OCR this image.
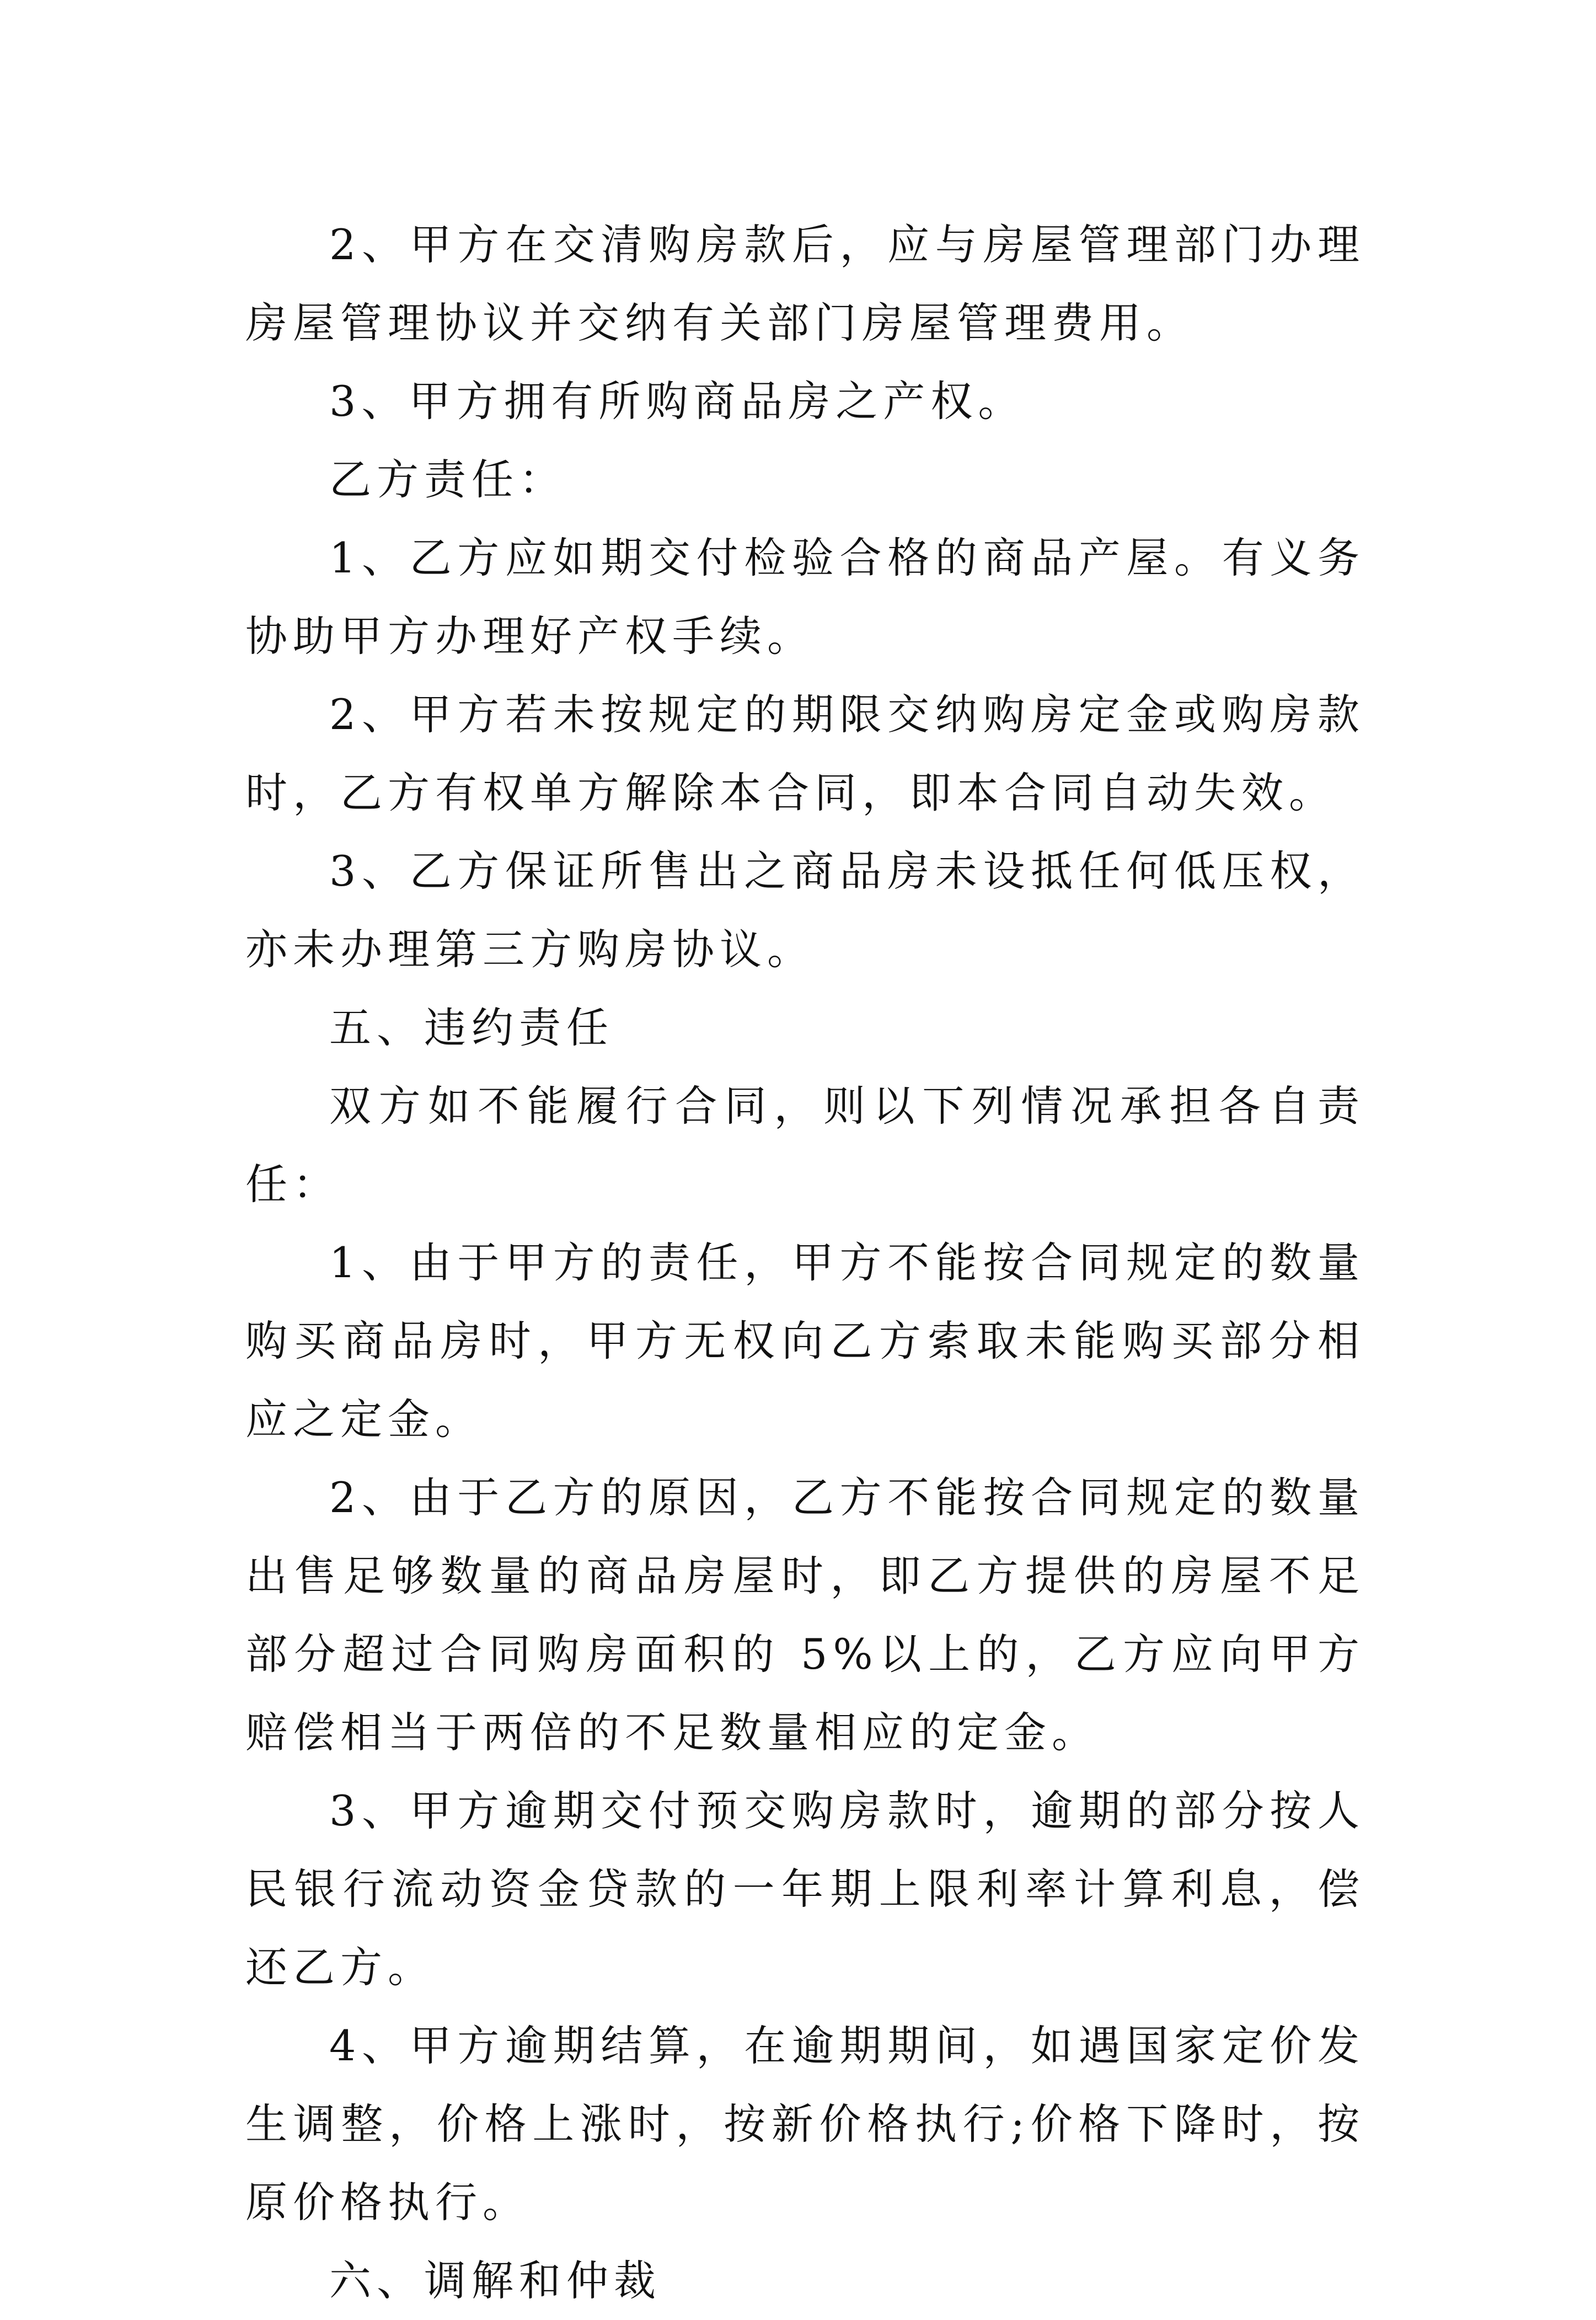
2、甲方在交清购房款后，应与房屋管理部门办理房屋管理协议并交纳有关部门房屋管理费用。

3、甲方拥有所购商品房之产权。

乙方责任：

1、乙方应如期交付检验合格的商品产屋。有义务协助甲方办理好产权手续。

2、甲方若未按规定的期限交纳购房定金或购房款时，乙方有权单方解除本合同，即本合同自动失效。

3、乙方保证所售出之商品房未设抵任何低压权，亦未办理第三方购房协议。

五、违约责任

双方如不能履行合同，则以下列情况承担各自责任：

1、由于甲方的责任，甲方不能按合同规定的数量购买商品房时，甲方无权向乙方索取未能购买部分相应之定金。

2、由于乙方的原因，乙方不能按合同规定的数量出售足够数量的商品房屋时，即乙方提供的房屋不足部分超过合同购房面积的 5%以上的，乙方应向甲方赔偿相当于两倍的不足数量相应的定金。

3、甲方逾期交付预交购房款时，逾期的部分按人民银行流动资金贷款的一年期上限利率计算利息，偿还乙方。

4、甲方逾期结算，在逾期期间，如遇国家定价发生调整，价格上涨时，按新价格执行;价格下降时，按原价格执行。

六、调解和仲裁
